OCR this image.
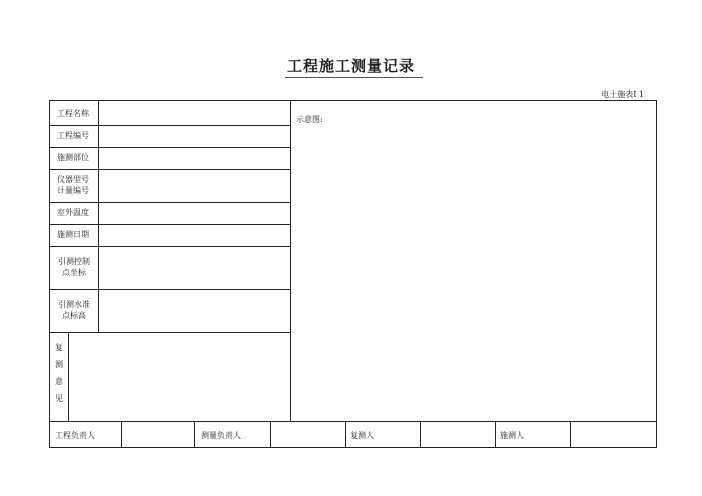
工程施工测量记录
电土施表Ⅰ 1
工程名称
工程编号
施测部位
仪器型号
计量编号
室外温度
施测日期
引测控制
点坐标
引测水准
点标高
复
测
意
见
示意图:
工程负责人	测量负责人	复测人	施测人
